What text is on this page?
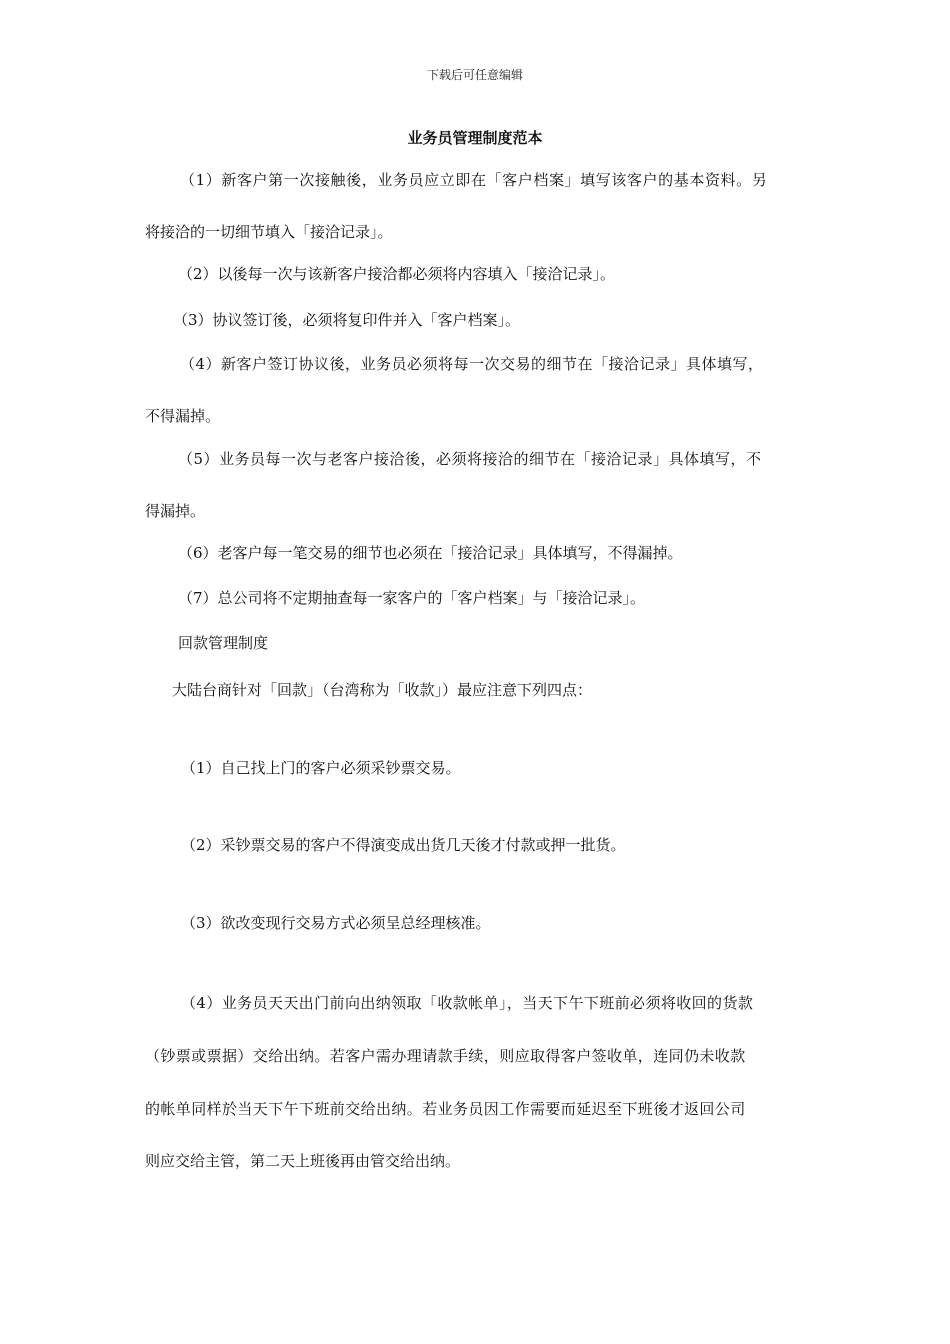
下载后可任意编辑
业务员管理制度范本
（1）新客户第一次接触後，业务员应立即在「客户档案」填写该客户的基本资料。另
将接洽的一切细节填入「接洽记录」。
（2）以後每一次与该新客户接洽都必须将内容填入「接洽记录」。
（3）协议签订後，必须将复印件并入「客户档案」。
（4）新客户签订协议後，业务员必须将每一次交易的细节在「接洽记录」具体填写，
不得漏掉。
（5）业务员每一次与老客户接洽後，必须将接洽的细节在「接洽记录」具体填写，不
得漏掉。
（6）老客户每一笔交易的细节也必须在「接洽记录」具体填写，不得漏掉。
（7）总公司将不定期抽查每一家客户的「客户档案」与「接洽记录」。
回款管理制度
大陆台商针对「回款」（台湾称为「收款」）最应注意下列四点：
（1）自己找上门的客户必须采钞票交易。
（2）采钞票交易的客户不得演变成出货几天後才付款或押一批货。
（3）欲改变现行交易方式必须呈总经理核准。
（4）业务员天天出门前向出纳领取「收款帐单」，当天下午下班前必须将收回的货款
（钞票或票据）交给出纳。若客户需办理请款手续，则应取得客户签收单，连同仍未收款
的帐单同样於当天下午下班前交给出纳。若业务员因工作需要而延迟至下班後才返回公司
则应交给主管，第二天上班後再由管交给出纳。
